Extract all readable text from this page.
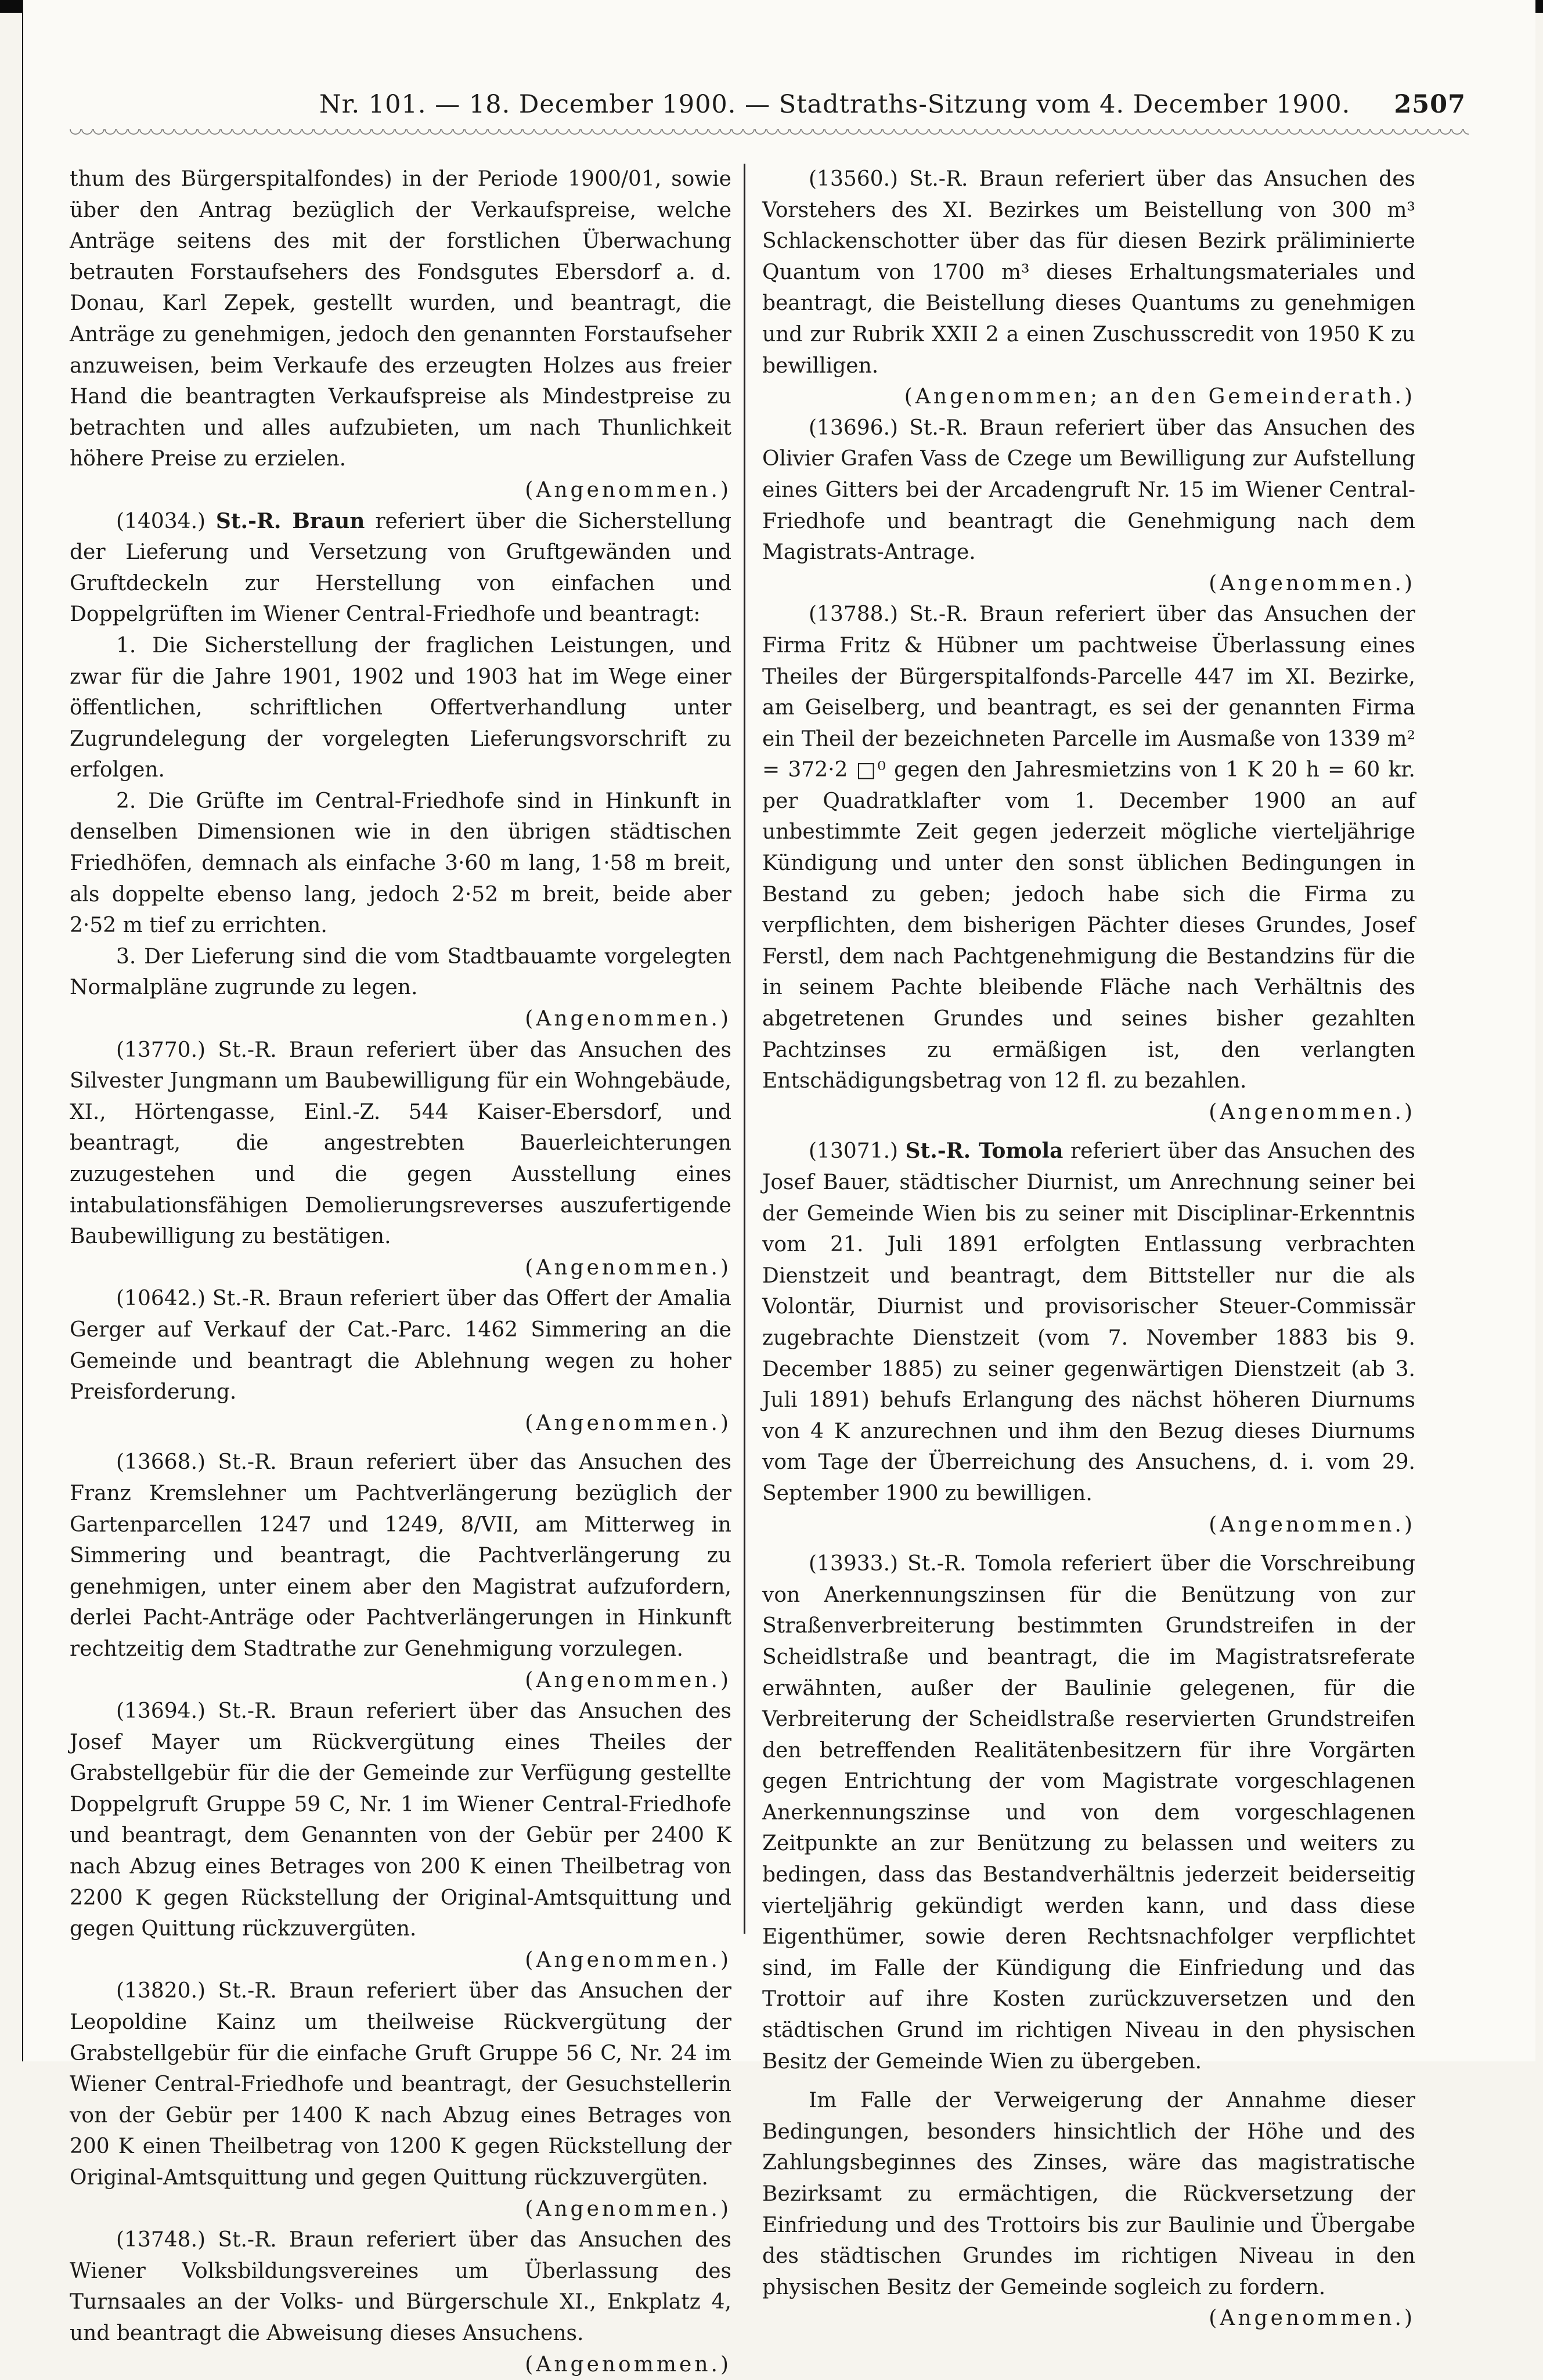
Nr. 101. — 18. December 1900. — Stadtraths-Sitzung vom 4. December 1900. 2507

thum des Bürgerspitalfondes) in der Periode 1900/01, sowie über den Antrag bezüglich der Verkaufspreise, welche Anträge seitens des mit der forstlichen Überwachung betrauten Forstaufsehers des Fondsgutes Ebersdorf a. d. Donau, Karl Zepek, gestellt wurden, und beantragt, die Anträge zu genehmigen, jedoch den genannten Forstaufseher anzuweisen, beim Verkaufe des erzeugten Holzes aus freier Hand die beantragten Verkaufspreise als Mindestpreise zu betrachten und alles aufzubieten, um nach Thunlichkeit höhere Preise zu erzielen.
(Angenommen.)

(14034.) St.-R. Braun referiert über die Sicherstellung der Lieferung und Versetzung von Gruftgewänden und Gruftdeckeln zur Herstellung von einfachen und Doppelgrüften im Wiener Central-Friedhofe und beantragt:

1. Die Sicherstellung der fraglichen Leistungen, und zwar für die Jahre 1901, 1902 und 1903 hat im Wege einer öffentlichen, schriftlichen Offertverhandlung unter Zugrundelegung der vorgelegten Lieferungsvorschrift zu erfolgen.

2. Die Grüfte im Central-Friedhofe sind in Hinkunft in denselben Dimensionen wie in den übrigen städtischen Friedhöfen, demnach als einfache 3·60 m lang, 1·58 m breit, als doppelte ebenso lang, jedoch 2·52 m breit, beide aber 2·52 m tief zu errichten.

3. Der Lieferung sind die vom Stadtbauamte vorgelegten Normalpläne zugrunde zu legen.
(Angenommen.)

(13770.) St.-R. Braun referiert über das Ansuchen des Silvester Jungmann um Baubewilligung für ein Wohngebäude, XI., Hörtengasse, Einl.-Z. 544 Kaiser-Ebersdorf, und beantragt, die angestrebten Bauerleichterungen zuzugestehen und die gegen Ausstellung eines intabulationsfähigen Demolierungsreverses auszufertigende Baubewilligung zu bestätigen.
(Angenommen.)

(10642.) St.-R. Braun referiert über das Offert der Amalia Gerger auf Verkauf der Cat.-Parc. 1462 Simmering an die Gemeinde und beantragt die Ablehnung wegen zu hoher Preisforderung.
(Angenommen.)

(13668.) St.-R. Braun referiert über das Ansuchen des Franz Kremslehner um Pachtverlängerung bezüglich der Gartenparcellen 1247 und 1249, 8/VII, am Mitterweg in Simmering und beantragt, die Pachtverlängerung zu genehmigen, unter einem aber den Magistrat aufzufordern, derlei Pacht-Anträge oder Pachtverlängerungen in Hinkunft rechtzeitig dem Stadtrathe zur Genehmigung vorzulegen.
(Angenommen.)

(13694.) St.-R. Braun referiert über das Ansuchen des Josef Mayer um Rückvergütung eines Theiles der Grabstellgebür für die der Gemeinde zur Verfügung gestellte Doppelgruft Gruppe 59 C, Nr. 1 im Wiener Central-Friedhofe und beantragt, dem Genannten von der Gebür per 2400 K nach Abzug eines Betrages von 200 K einen Theilbetrag von 2200 K gegen Rückstellung der Original-Amtsquittung und gegen Quittung rückzuvergüten.
(Angenommen.)

(13820.) St.-R. Braun referiert über das Ansuchen der Leopoldine Kainz um theilweise Rückvergütung der Grabstellgebür für die einfache Gruft Gruppe 56 C, Nr. 24 im Wiener Central-Friedhofe und beantragt, der Gesuchstellerin von der Gebür per 1400 K nach Abzug eines Betrages von 200 K einen Theilbetrag von 1200 K gegen Rückstellung der Original-Amtsquittung und gegen Quittung rückzuvergüten.
(Angenommen.)

(13748.) St.-R. Braun referiert über das Ansuchen des Wiener Volksbildungsvereines um Überlassung des Turnsaales an der Volks- und Bürgerschule XI., Enkplatz 4, und beantragt die Abweisung dieses Ansuchens.
(Angenommen.)

(13560.) St.-R. Braun referiert über das Ansuchen des Vorstehers des XI. Bezirkes um Beistellung von 300 m³ Schlackenschotter über das für diesen Bezirk präliminierte Quantum von 1700 m³ dieses Erhaltungsmateriales und beantragt, die Beistellung dieses Quantums zu genehmigen und zur Rubrik XXII 2 a einen Zuschusscredit von 1950 K zu bewilligen.
(Angenommen; an den Gemeinderath.)

(13696.) St.-R. Braun referiert über das Ansuchen des Olivier Grafen Vass de Czege um Bewilligung zur Aufstellung eines Gitters bei der Arcadengruft Nr. 15 im Wiener Central-Friedhofe und beantragt die Genehmigung nach dem Magistrats-Antrage.
(Angenommen.)

(13788.) St.-R. Braun referiert über das Ansuchen der Firma Fritz & Hübner um pachtweise Überlassung eines Theiles der Bürgerspitalfonds-Parcelle 447 im XI. Bezirke, am Geiselberg, und beantragt, es sei der genannten Firma ein Theil der bezeichneten Parcelle im Ausmaße von 1339 m² = 372·2 □⁰ gegen den Jahresmietzins von 1 K 20 h = 60 kr. per Quadratklafter vom 1. December 1900 an auf unbestimmte Zeit gegen jederzeit mögliche vierteljährige Kündigung und unter den sonst üblichen Bedingungen in Bestand zu geben; jedoch habe sich die Firma zu verpflichten, dem bisherigen Pächter dieses Grundes, Josef Ferstl, dem nach Pachtgenehmigung die Bestandzins für die in seinem Pachte bleibende Fläche nach Verhältnis des abgetretenen Grundes und seines bisher gezahlten Pachtzinses zu ermäßigen ist, den verlangten Entschädigungsbetrag von 12 fl. zu bezahlen.
(Angenommen.)

(13071.) St.-R. Tomola referiert über das Ansuchen des Josef Bauer, städtischer Diurnist, um Anrechnung seiner bei der Gemeinde Wien bis zu seiner mit Disciplinar-Erkenntnis vom 21. Juli 1891 erfolgten Entlassung verbrachten Dienstzeit und beantragt, dem Bittsteller nur die als Volontär, Diurnist und provisorischer Steuer-Commissär zugebrachte Dienstzeit (vom 7. November 1883 bis 9. December 1885) zu seiner gegenwärtigen Dienstzeit (ab 3. Juli 1891) behufs Erlangung des nächst höheren Diurnums von 4 K anzurechnen und ihm den Bezug dieses Diurnums vom Tage der Überreichung des Ansuchens, d. i. vom 29. September 1900 zu bewilligen.
(Angenommen.)

(13933.) St.-R. Tomola referiert über die Vorschreibung von Anerkennungszinsen für die Benützung von zur Straßenverbreiterung bestimmten Grundstreifen in der Scheidlstraße und beantragt, die im Magistratsreferate erwähnten, außer der Baulinie gelegenen, für die Verbreiterung der Scheidlstraße reservierten Grundstreifen den betreffenden Realitätenbesitzern für ihre Vorgärten gegen Entrichtung der vom Magistrate vorgeschlagenen Anerkennungszinse und von dem vorgeschlagenen Zeitpunkte an zur Benützung zu belassen und weiters zu bedingen, dass das Bestandverhältnis jederzeit beiderseitig vierteljährig gekündigt werden kann, und dass diese Eigenthümer, sowie deren Rechtsnachfolger verpflichtet sind, im Falle der Kündigung die Einfriedung und das Trottoir auf ihre Kosten zurückzuversetzen und den städtischen Grund im richtigen Niveau in den physischen Besitz der Gemeinde Wien zu übergeben.

Im Falle der Verweigerung der Annahme dieser Bedingungen, besonders hinsichtlich der Höhe und des Zahlungsbeginnes des Zinses, wäre das magistratische Bezirksamt zu ermächtigen, die Rückversetzung der Einfriedung und des Trottoirs bis zur Baulinie und Übergabe des städtischen Grundes im richtigen Niveau in den physischen Besitz der Gemeinde sogleich zu fordern.
(Angenommen.)
